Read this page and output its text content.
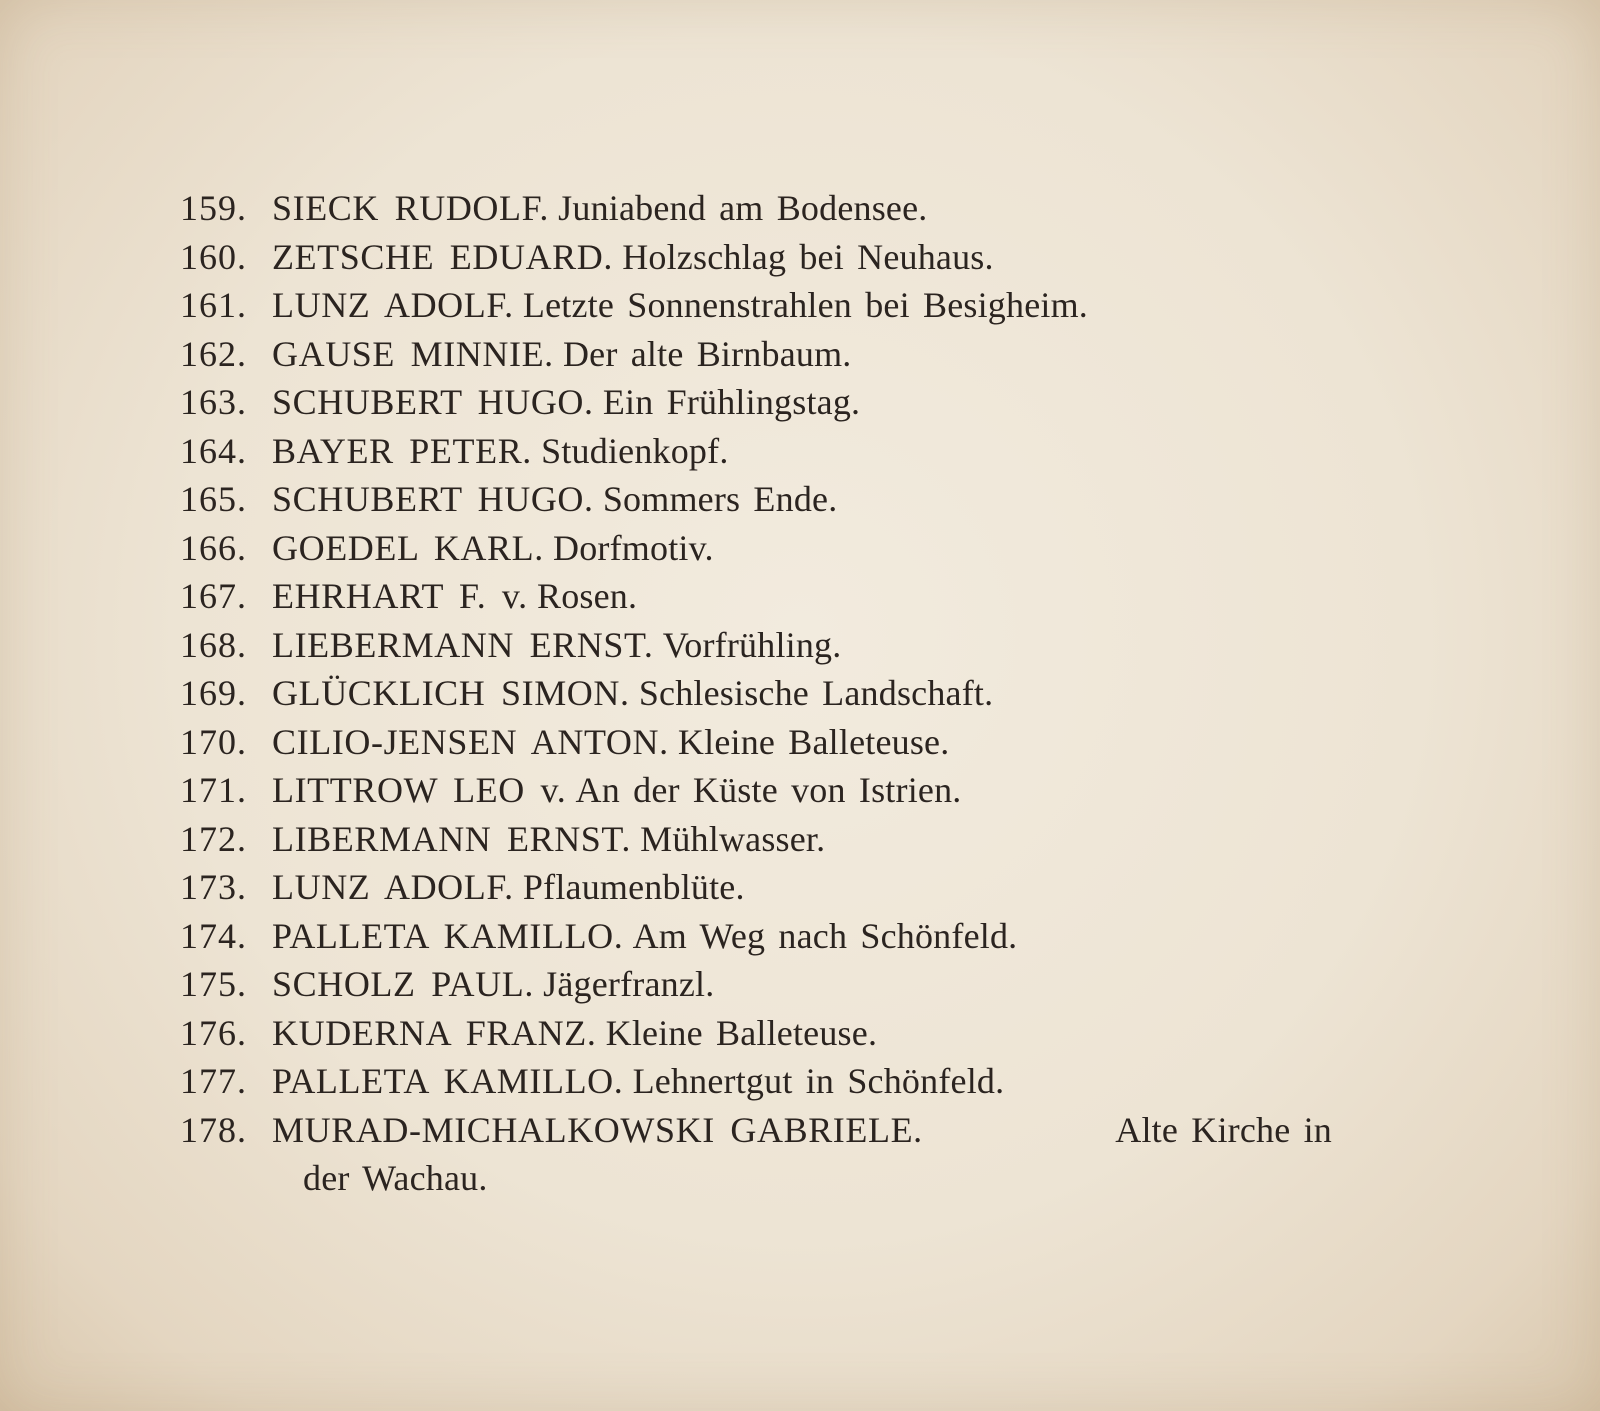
159. SIECK RUDOLF. Juniabend am Bodensee.
160. ZETSCHE EDUARD. Holzschlag bei Neuhaus.
161. LUNZ ADOLF. Letzte Sonnenstrahlen bei Besigheim.
162. GAUSE MINNIE. Der alte Birnbaum.
163. SCHUBERT HUGO. Ein Frühlingstag.
164. BAYER PETER. Studienkopf.
165. SCHUBERT HUGO. Sommers Ende.
166. GOEDEL KARL. Dorfmotiv.
167. EHRHART F. v. Rosen.
168. LIEBERMANN ERNST. Vorfrühling.
169. GLÜCKLICH SIMON. Schlesische Landschaft.
170. CILIO-JENSEN ANTON. Kleine Balleteuse.
171. LITTROW LEO v. An der Küste von Istrien.
172. LIBERMANN ERNST. Mühlwasser.
173. LUNZ ADOLF. Pflaumenblüte.
174. PALLETA KAMILLO. Am Weg nach Schönfeld.
175. SCHOLZ PAUL. Jägerfranzl.
176. KUDERNA FRANZ. Kleine Balleteuse.
177. PALLETA KAMILLO. Lehnertgut in Schönfeld.
178. MURAD-MICHALKOWSKI GABRIELE.	Alte Kirche in
der Wachau.
